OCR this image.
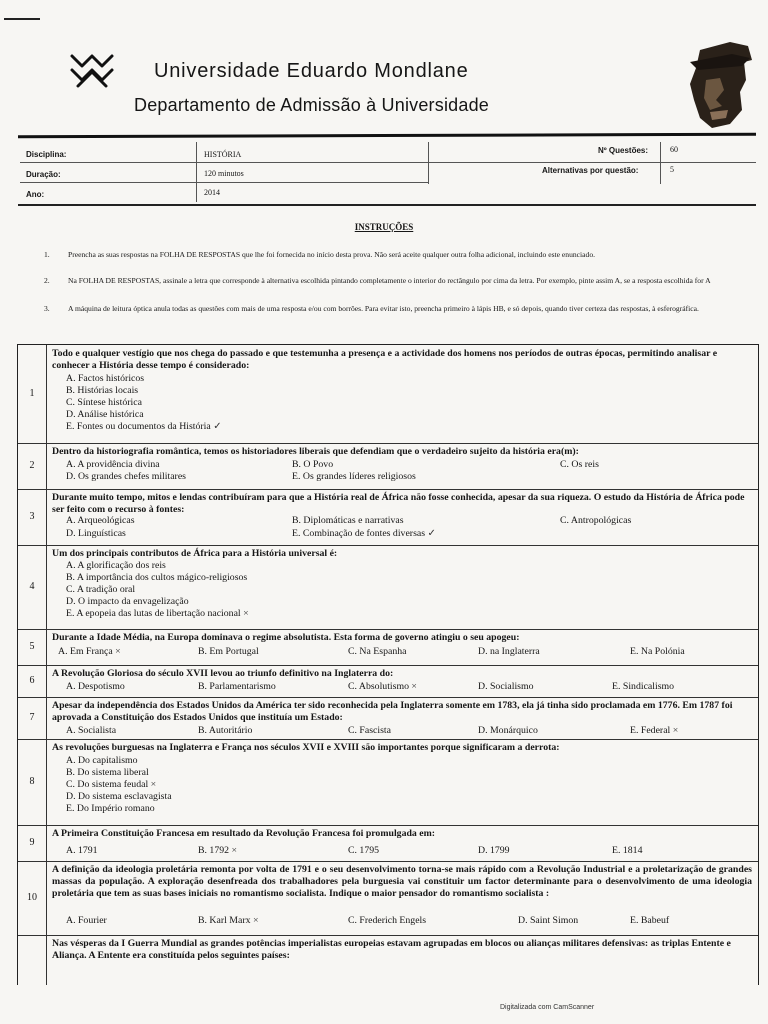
Universidade Eduardo Mondlane
Departamento de Admissão à Universidade
Disciplina:	HISTÓRIA
Duração:	120 minutos
Ano:	2014
Nº Questões:	60
Alternativas por questão:	5
INSTRUÇÕES
1. Preencha as suas respostas na FOLHA DE RESPOSTAS que lhe foi fornecida no início desta prova. Não será aceite qualquer outra folha adicional, incluindo este enunciado.
2. Na FOLHA DE RESPOSTAS, assinale a letra que corresponde à alternativa escolhida pintando completamente o interior do rectângulo por cima da letra. Por exemplo, pinte assim A, se a resposta escolhida for A
3. A máquina de leitura óptica anula todas as questões com mais de uma resposta e/ou com borrões. Para evitar isto, preencha primeiro à lápis HB, e só depois, quando tiver certeza das respostas, à esferográfica.
1
Todo e qualquer vestígio que nos chega do passado e que testemunha a presença e a actividade dos homens nos períodos de outras épocas, permitindo analisar e conhecer a História desse tempo é considerado:
A. Factos históricos
B. Histórias locais
C. Síntese histórica
D. Análise histórica
E. Fontes ou documentos da História ✓
2
Dentro da historiografia romântica, temos os historiadores liberais que defendiam que o verdadeiro sujeito da história era(m):
A. A providência divina	B. O Povo	C. Os reis
D. Os grandes chefes militares	E. Os grandes líderes religiosos
3
Durante muito tempo, mitos e lendas contribuíram para que a História real de África não fosse conhecida, apesar da sua riqueza. O estudo da História de África pode ser feito com o recurso à fontes:
A. Arqueológicas	B. Diplomáticas e narrativas	C. Antropológicas
D. Linguísticas	E. Combinação de fontes diversas ✓
4
Um dos principais contributos de África para a História universal é:
A. A glorificação dos reis
B. A importância dos cultos mágico-religiosos
C. A tradição oral
D. O impacto da envagelização
E. A epopeia das lutas de libertação nacional ×
5
Durante a Idade Média, na Europa dominava o regime absolutista. Esta forma de governo atingiu o seu apogeu:
A. Em França ×	B. Em Portugal	C. Na Espanha	D. na Inglaterra	E. Na Polónia
6
A Revolução Gloriosa do século XVII levou ao triunfo definitivo na Inglaterra do:
A. Despotismo	B. Parlamentarismo	C. Absolutismo ×	D. Socialismo	E. Sindicalismo
7
Apesar da independência dos Estados Unidos da América ter sido reconhecida pela Inglaterra somente em 1783, ela já tinha sido proclamada em 1776. Em 1787 foi aprovada a Constituição dos Estados Unidos que instituía um Estado:
A. Socialista	B. Autoritário	C. Fascista	D. Monárquico	E. Federal ×
8
As revoluções burguesas na Inglaterra e França nos séculos XVII e XVIII são importantes porque significaram a derrota:
A. Do capitalismo
B. Do sistema liberal
C. Do sistema feudal ×
D. Do sistema esclavagista
E. Do Império romano
9
A Primeira Constituição Francesa em resultado da Revolução Francesa foi promulgada em:
A. 1791	B. 1792 ×	C. 1795	D. 1799	E. 1814
10
A definição da ideologia proletária remonta por volta de 1791 e o seu desenvolvimento torna-se mais rápido com a Revolução Industrial e a proletarização de grandes massas da população. A exploração desenfreada dos trabalhadores pela burguesia vai constituir um factor determinante para o desenvolvimento de uma ideologia proletária que tem as suas bases iniciais no romantismo socialista. Indique o maior pensador do romantismo socialista :
A. Fourier	B. Karl Marx ×	C. Frederich Engels	D. Saint Simon	E. Babeuf
Nas vésperas da I Guerra Mundial as grandes potências imperialistas europeias estavam agrupadas em blocos ou alianças militares defensivas: as triplas Entente e Aliança. A Entente era constituída pelos seguintes países:
Digitalizada com CamScanner
